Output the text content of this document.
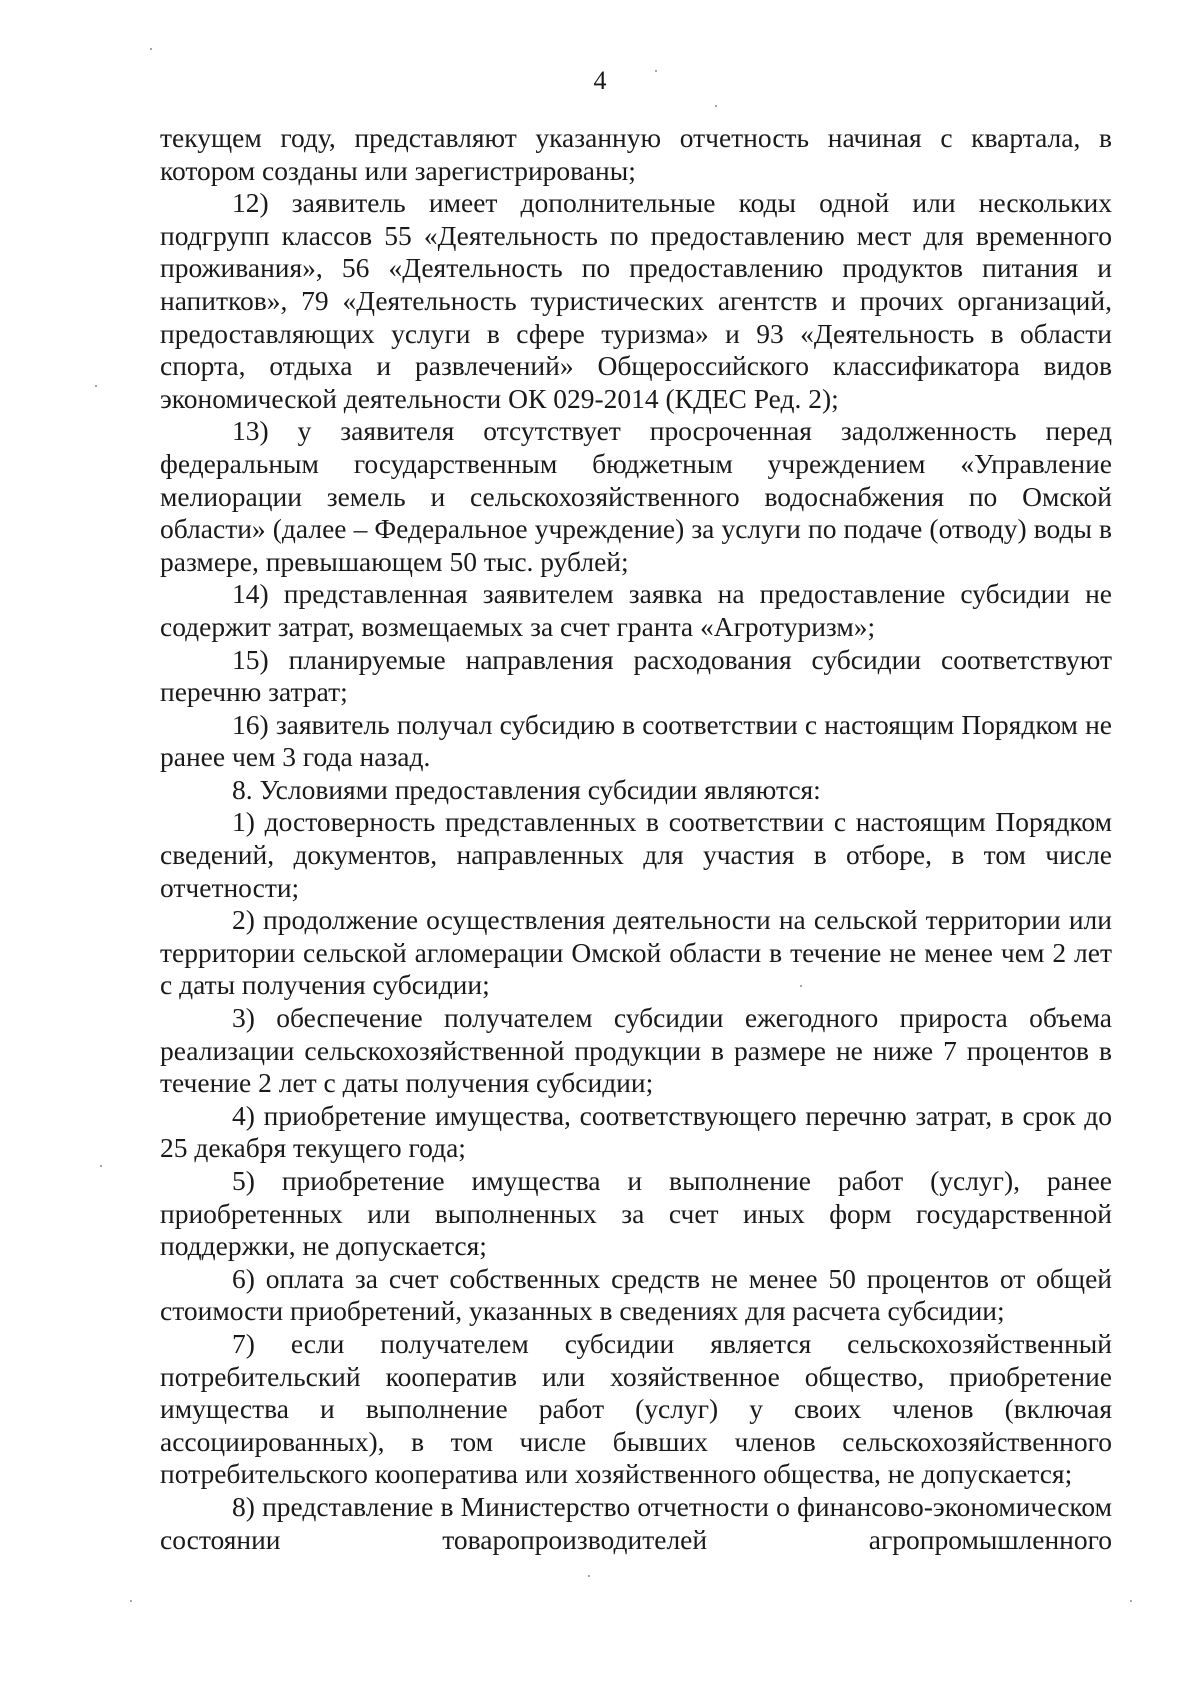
4

текущем году, представляют указанную отчетность начиная с квартала, в котором созданы или зарегистрированы;

12) заявитель имеет дополнительные коды одной или нескольких подгрупп классов 55 «Деятельность по предоставлению мест для временного проживания», 56 «Деятельность по предоставлению продуктов питания и напитков», 79 «Деятельность туристических агентств и прочих организаций, предоставляющих услуги в сфере туризма» и 93 «Деятельность в области спорта, отдыха и развлечений» Общероссийского классификатора видов экономической деятельности ОК 029-2014 (КДЕС Ред. 2);

13) у заявителя отсутствует просроченная задолженность перед федеральным государственным бюджетным учреждением «Управление мелиорации земель и сельскохозяйственного водоснабжения по Омской области» (далее – Федеральное учреждение) за услуги по подаче (отводу) воды в размере, превышающем 50 тыс. рублей;

14) представленная заявителем заявка на предоставление субсидии не содержит затрат, возмещаемых за счет гранта «Агротуризм»;

15) планируемые направления расходования субсидии соответствуют перечню затрат;

16) заявитель получал субсидию в соответствии с настоящим Порядком не ранее чем 3 года назад.

8. Условиями предоставления субсидии являются:

1) достоверность представленных в соответствии с настоящим Порядком сведений, документов, направленных для участия в отборе, в том числе отчетности;

2) продолжение осуществления деятельности на сельской территории или территории сельской агломерации Омской области в течение не менее чем 2 лет с даты получения субсидии;

3) обеспечение получателем субсидии ежегодного прироста объема реализации сельскохозяйственной продукции в размере не ниже 7 процентов в течение 2 лет с даты получения субсидии;

4) приобретение имущества, соответствующего перечню затрат, в срок до 25 декабря текущего года;

5) приобретение имущества и выполнение работ (услуг), ранее приобретенных или выполненных за счет иных форм государственной поддержки, не допускается;

6) оплата за счет собственных средств не менее 50 процентов от общей стоимости приобретений, указанных в сведениях для расчета субсидии;

7) если получателем субсидии является сельскохозяйственный потребительский кооператив или хозяйственное общество, приобретение имущества и выполнение работ (услуг) у своих членов (включая ассоциированных), в том числе бывших членов сельскохозяйственного потребительского кооператива или хозяйственного общества, не допускается;

8) представление в Министерство отчетности о финансово-экономическом состоянии товаропроизводителей агропромышленного
